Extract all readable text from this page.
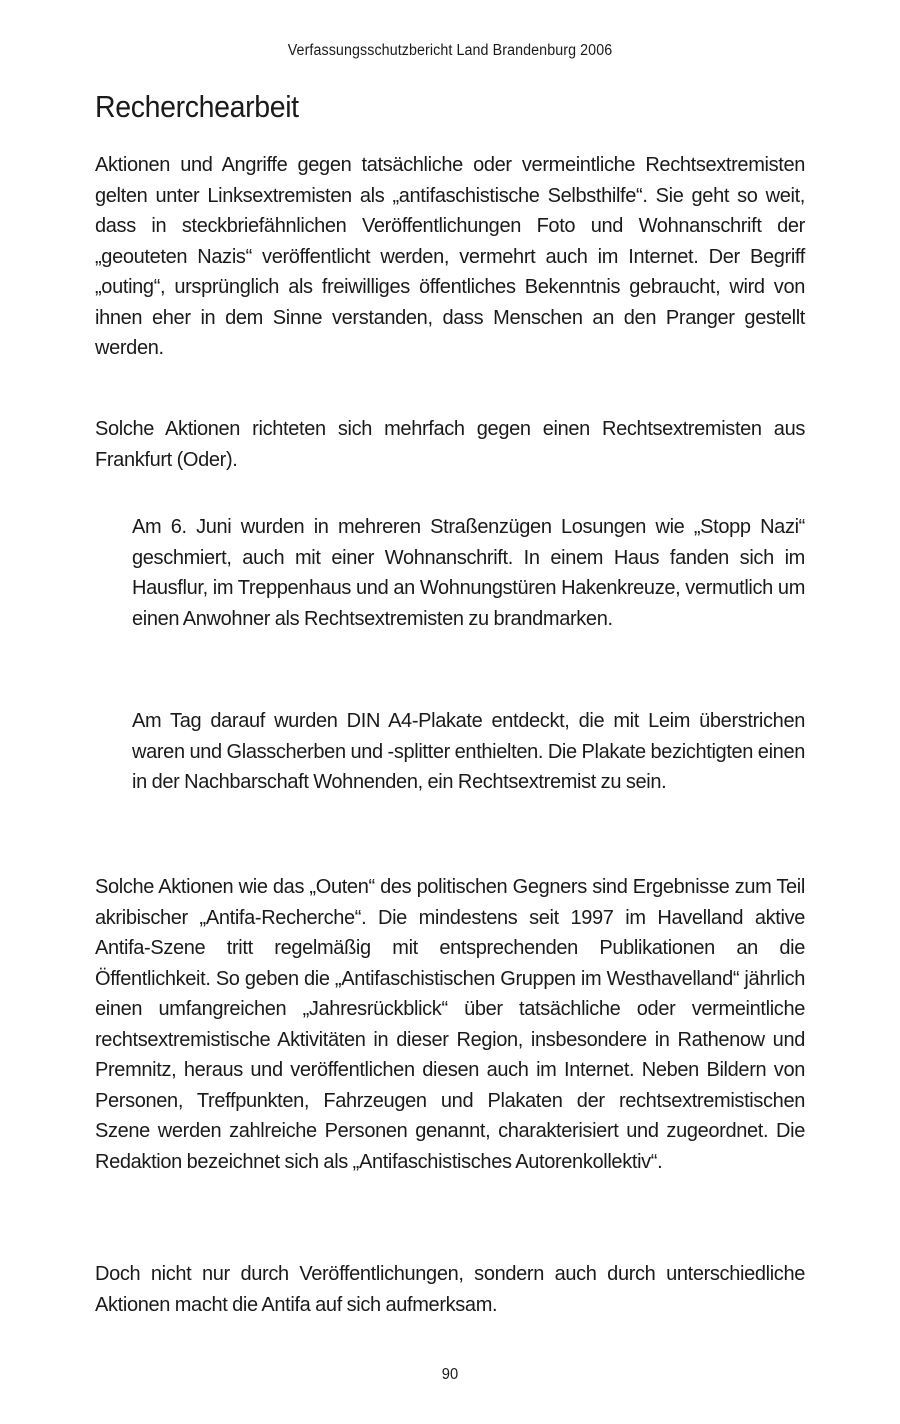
Verfassungsschutzbericht Land Brandenburg 2006
Recherchearbeit

Aktionen und Angriffe gegen tatsächliche oder vermeintliche Rechtsextremisten gelten unter Linksextremisten als „antifaschistische Selbsthilfe“. Sie geht so weit, dass in steckbriefähnlichen Veröffentlichungen Foto und Wohnanschrift der „geouteten Nazis“ veröffentlicht werden, vermehrt auch im Internet. Der Begriff „outing“, ursprünglich als freiwilliges öffentliches Bekenntnis gebraucht, wird von ihnen eher in dem Sinne verstanden, dass Menschen an den Pranger gestellt werden.

Solche Aktionen richteten sich mehrfach gegen einen Rechtsextremisten aus Frankfurt (Oder).

Am 6. Juni wurden in mehreren Straßenzügen Losungen wie „Stopp Nazi“ geschmiert, auch mit einer Wohnanschrift. In einem Haus fanden sich im Hausflur, im Treppenhaus und an Wohnungstüren Hakenkreuze, vermutlich um einen Anwohner als Rechtsextremisten zu brandmarken.

Am Tag darauf wurden DIN A4-Plakate entdeckt, die mit Leim überstrichen waren und Glasscherben und -splitter enthielten. Die Plakate bezichtigten einen in der Nachbarschaft Wohnenden, ein Rechtsextremist zu sein.

Solche Aktionen wie das „Outen“ des politischen Gegners sind Ergebnisse zum Teil akribischer „Antifa-Recherche“. Die mindestens seit 1997 im Havelland aktive Antifa-Szene tritt regelmäßig mit entsprechenden Publikationen an die Öffentlichkeit. So geben die „Antifaschistischen Gruppen im Westhavelland“ jährlich einen umfangreichen „Jahresrückblick“ über tatsächliche oder vermeintliche rechtsextremistische Aktivitäten in dieser Region, insbesondere in Rathenow und Premnitz, heraus und veröffentlichen diesen auch im Internet. Neben Bildern von Personen, Treffpunkten, Fahrzeugen und Plakaten der rechtsextremistischen Szene werden zahlreiche Personen genannt, charakterisiert und zugeordnet. Die Redaktion bezeichnet sich als „Antifaschistisches Autorenkollektiv“.

Doch nicht nur durch Veröffentlichungen, sondern auch durch unterschiedliche Aktionen macht die Antifa auf sich aufmerksam.

90
